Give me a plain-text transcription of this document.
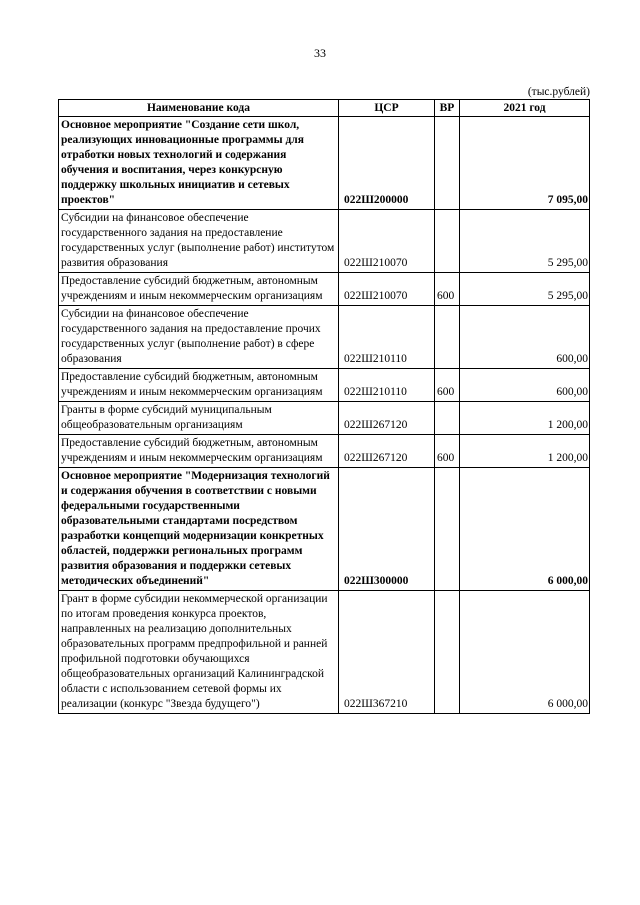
33
(тыс.рублей)
Наименование кода	ЦСР	ВР	2021 год
Основное мероприятие "Создание сети школ, реализующих инновационные программы для отработки новых технологий и содержания обучения и воспитания, через конкурсную поддержку школьных инициатив и сетевых проектов"	022Ш200000		7 095,00
Субсидии на финансовое обеспечение государственного задания на предоставление государственных услуг (выполнение работ) институтом развития образования	022Ш210070		5 295,00
Предоставление субсидий бюджетным, автономным учреждениям и иным некоммерческим организациям	022Ш210070	600	5 295,00
Субсидии на финансовое обеспечение государственного задания на предоставление прочих государственных услуг (выполнение работ) в сфере образования	022Ш210110		600,00
Предоставление субсидий бюджетным, автономным учреждениям и иным некоммерческим организациям	022Ш210110	600	600,00
Гранты в форме субсидий муниципальным общеобразовательным организациям	022Ш267120		1 200,00
Предоставление субсидий бюджетным, автономным учреждениям и иным некоммерческим организациям	022Ш267120	600	1 200,00
Основное мероприятие "Модернизация технологий и содержания обучения в соответствии с новыми федеральными государственными образовательными стандартами посредством разработки концепций модернизации конкретных областей, поддержки региональных программ развития образования и поддержки сетевых методических объединений"	022Ш300000		6 000,00
Грант в форме субсидии некоммерческой организации по итогам проведения конкурса проектов, направленных на реализацию дополнительных образовательных программ предпрофильной и ранней профильной подготовки обучающихся общеобразовательных организаций Калининградской области с использованием сетевой формы их реализации (конкурс "Звезда будущего")	022Ш367210		6 000,00
